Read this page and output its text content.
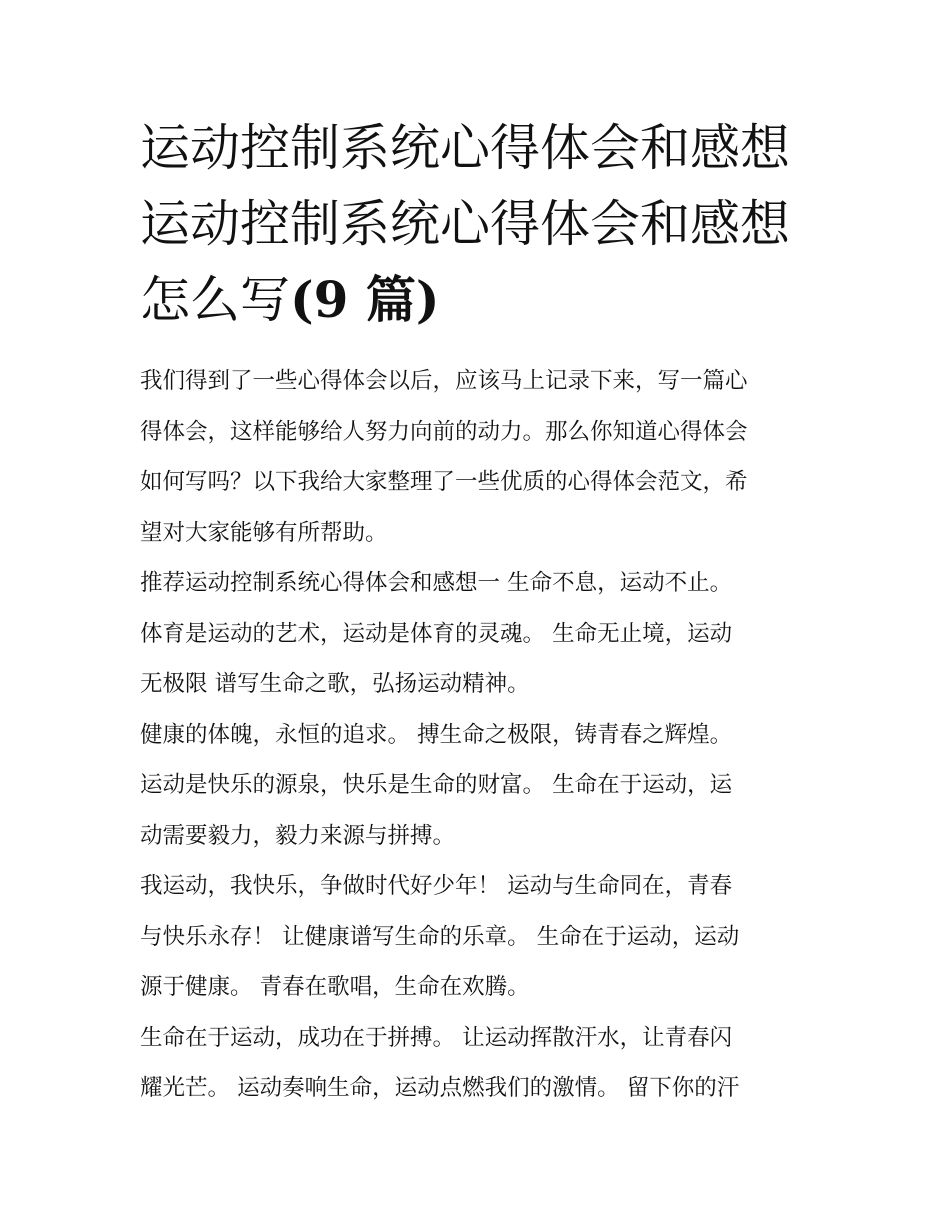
运动控制系统心得体会和感想
运动控制系统心得体会和感想
怎么写(9 篇)
我们得到了一些心得体会以后，应该马上记录下来，写一篇心
得体会，这样能够给人努力向前的动力。那么你知道心得体会
如何写吗？以下我给大家整理了一些优质的心得体会范文，希
望对大家能够有所帮助。
推荐运动控制系统心得体会和感想一 生命不息，运动不止。
体育是运动的艺术，运动是体育的灵魂。 生命无止境，运动
无极限 谱写生命之歌，弘扬运动精神。
健康的体魄，永恒的追求。 搏生命之极限，铸青春之辉煌。
运动是快乐的源泉，快乐是生命的财富。 生命在于运动，运
动需要毅力，毅力来源与拼搏。
我运动，我快乐，争做时代好少年！ 运动与生命同在，青春
与快乐永存！ 让健康谱写生命的乐章。 生命在于运动，运动
源于健康。 青春在歌唱，生命在欢腾。
生命在于运动，成功在于拼搏。 让运动挥散汗水，让青春闪
耀光芒。 运动奏响生命，运动点燃我们的激情。 留下你的汗
